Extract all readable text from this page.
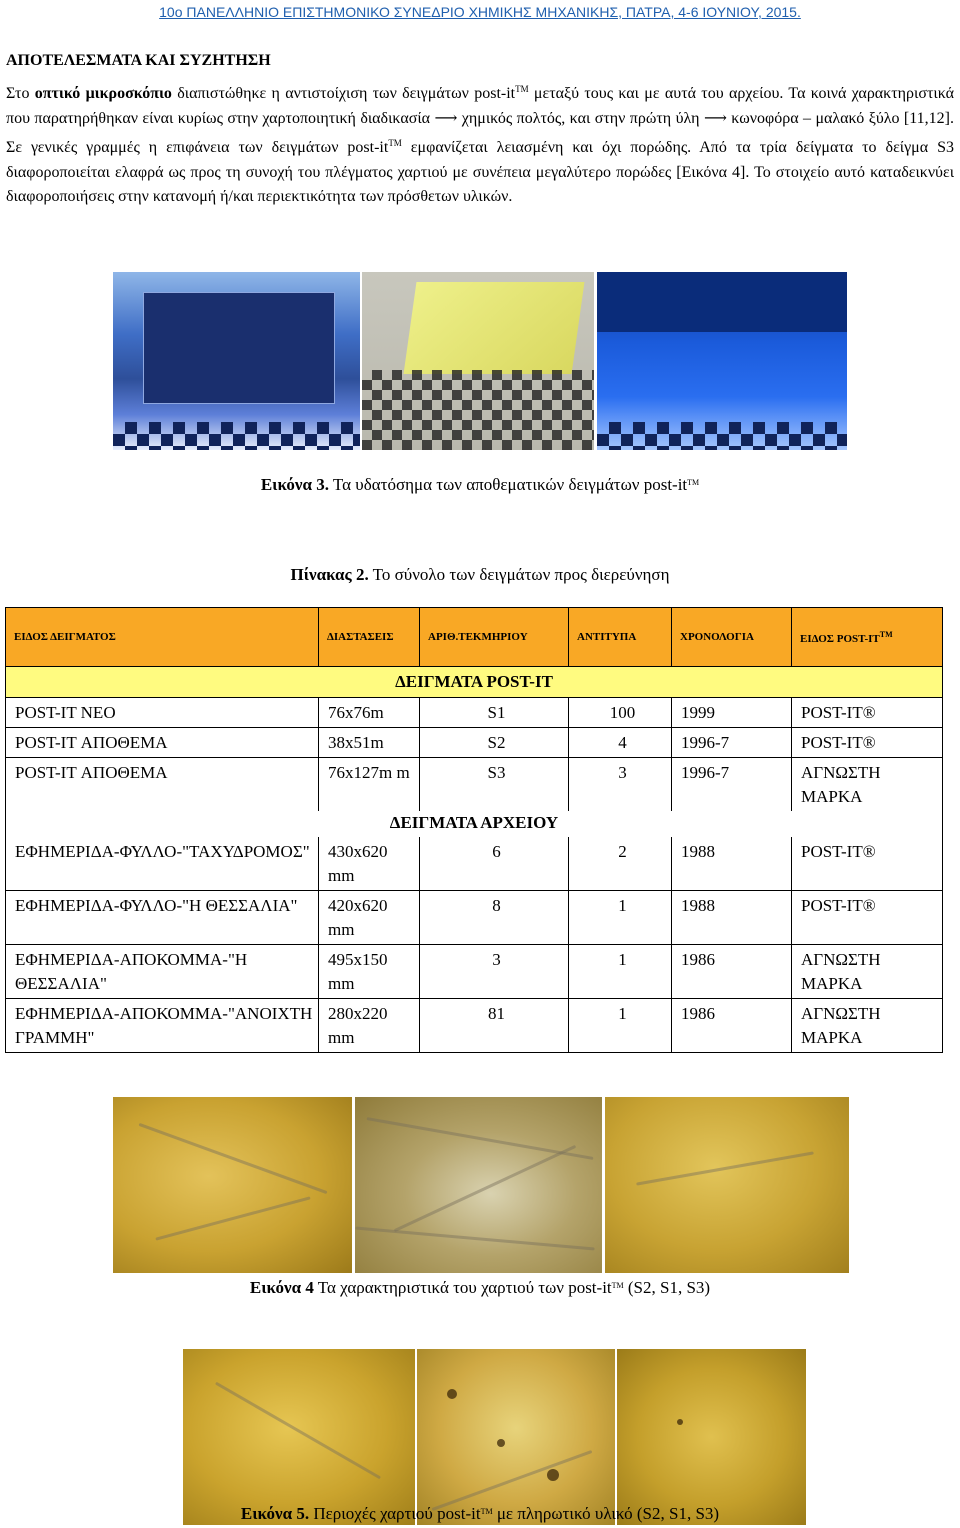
10ο ΠΑΝΕΛΛΗΝΙΟ ΕΠΙΣΤΗΜΟΝΙΚΟ ΣΥΝΕΔΡΙΟ ΧΗΜΙΚΗΣ ΜΗΧΑΝΙΚΗΣ, ΠΑΤΡΑ, 4-6 ΙΟΥΝΙΟΥ, 2015.
ΑΠΟΤΕΛΕΣΜΑΤΑ ΚΑΙ ΣΥΖΗΤΗΣΗ

Στο οπτικό μικροσκόπιο διαπιστώθηκε η αντιστοίχιση των δειγμάτων post-it™ μεταξύ τους και με αυτά του αρχείου. Τα κοινά χαρακτηριστικά που παρατηρήθηκαν είναι κυρίως στην χαρτοποιητική διαδικασία ⟶ χημικός πολτός, και στην πρώτη ύλη ⟶ κωνοφόρα – μαλακό ξύλο [11,12]. Σε γενικές γραμμές η επιφάνεια των δειγμάτων post-it™ εμφανίζεται λειασμένη και όχι πορώδης. Από τα τρία δείγματα το δείγμα S3 διαφοροποιείται ελαφρά ως προς τη συνοχή του πλέγματος χαρτιού με συνέπεια μεγαλύτερο πορώδες [Εικόνα 4]. Το στοιχείο αυτό καταδεικνύει διαφοροποιήσεις στην κατανομή ή/και περιεκτικότητα των πρόσθετων υλικών.

Εικόνα 3. Τα υδατόσημα των αποθεματικών δειγμάτων post-it™
Πίνακας 2. Το σύνολο των δειγμάτων προς διερεύνηση
ΕΙΔΟΣ ΔΕΙΓΜΑΤΟΣ	ΔΙΑΣΤΑΣΕΙΣ	ΑΡΙΘ.ΤΕΚΜΗΡΙΟΥ	ΑΝΤΙΤΥΠΑ	ΧΡΟΝΟΛΟΓΙΑ	ΕΙΔΟΣ POST-IT™
ΔΕΙΓΜΑΤΑ POST-IT					
POST-IT ΝΕΟ	76x76m	S1	100	1999	POST-IT®
POST-IT ΑΠΟΘΕΜΑ	38x51m	S2	4	1996-7	POST-IT®
POST-IT ΑΠΟΘΕΜΑ	76x127m m	S3	3	1996-7	ΑΓΝΩΣΤΗ ΜΑΡΚΑ
ΔΕΙΓΜΑΤΑ ΑΡΧΕΙΟΥ					
ΕΦΗΜΕΡΙΔΑ-ΦΥΛΛΟ-"ΤΑΧΥΔΡΟΜΟΣ"	430x620 mm	6	2	1988	POST-IT®
ΕΦΗΜΕΡΙΔΑ-ΦΥΛΛΟ-"Η ΘΕΣΣΑΛΙΑ"	420x620 mm	8	1	1988	POST-IT®
ΕΦΗΜΕΡΙΔΑ-ΑΠΟΚΟΜΜΑ-"Η ΘΕΣΣΑΛΙΑ"	495x150 mm	3	1	1986	ΑΓΝΩΣΤΗ ΜΑΡΚΑ
ΕΦΗΜΕΡΙΔΑ-ΑΠΟΚΟΜΜΑ-"ΑΝΟΙΧΤΗ ΓΡΑΜΜΗ"	280x220 mm	81	1	1986	ΑΓΝΩΣΤΗ ΜΑΡΚΑ
Εικόνα 4 Τα χαρακτηριστικά του χαρτιού των post-it™ (S2, S1, S3)
Εικόνα 5. Περιοχές χαρτιού post-it™ με πληρωτικό υλικό (S2, S1, S3)
